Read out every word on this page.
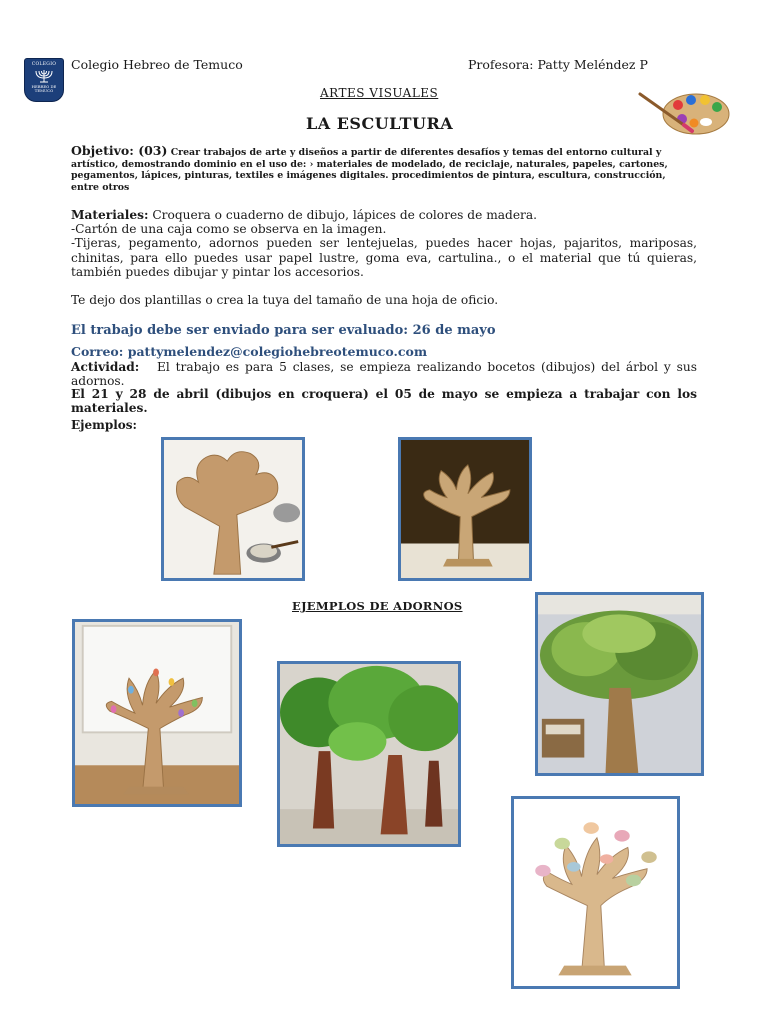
COLEGIO
HEBREO DE TEMUCO
Colegio Hebreo de Temuco	Profesora: Patty Meléndez P
ARTES VISUALES
LA ESCULTURA
Objetivo: (03) Crear trabajos de arte y diseños a partir de diferentes desafíos y temas del entorno cultural y artístico, demostrando dominio en el uso de: › materiales de modelado, de reciclaje, naturales, papeles, cartones, pegamentos, lápices, pinturas, textiles e imágenes digitales. procedimientos de pintura, escultura, construcción, entre otros

Materiales: Croquera o cuaderno de dibujo, lápices de colores de madera.

-Cartón de una caja como se observa en la imagen.

-Tijeras, pegamento, adornos pueden ser lentejuelas, puedes hacer hojas, pajaritos, mariposas, chinitas, para ello puedes usar papel lustre, goma eva, cartulina., o el material que tú quieras, también puedes dibujar y pintar los accesorios.

Te dejo dos plantillas o crea la tuya del tamaño de una hoja de oficio.
El trabajo debe ser enviado para ser evaluado: 26 de mayo
Correo: pattymelendez@colegiohebreotemuco.com

Actividad: El trabajo es para 5 clases, se empieza realizando bocetos (dibujos) del árbol y sus adornos.

El 21 y 28 de abril (dibujos en croquera) el 05 de mayo se empieza a trabajar con los materiales.

Ejemplos:
EJEMPLOS DE ADORNOS
